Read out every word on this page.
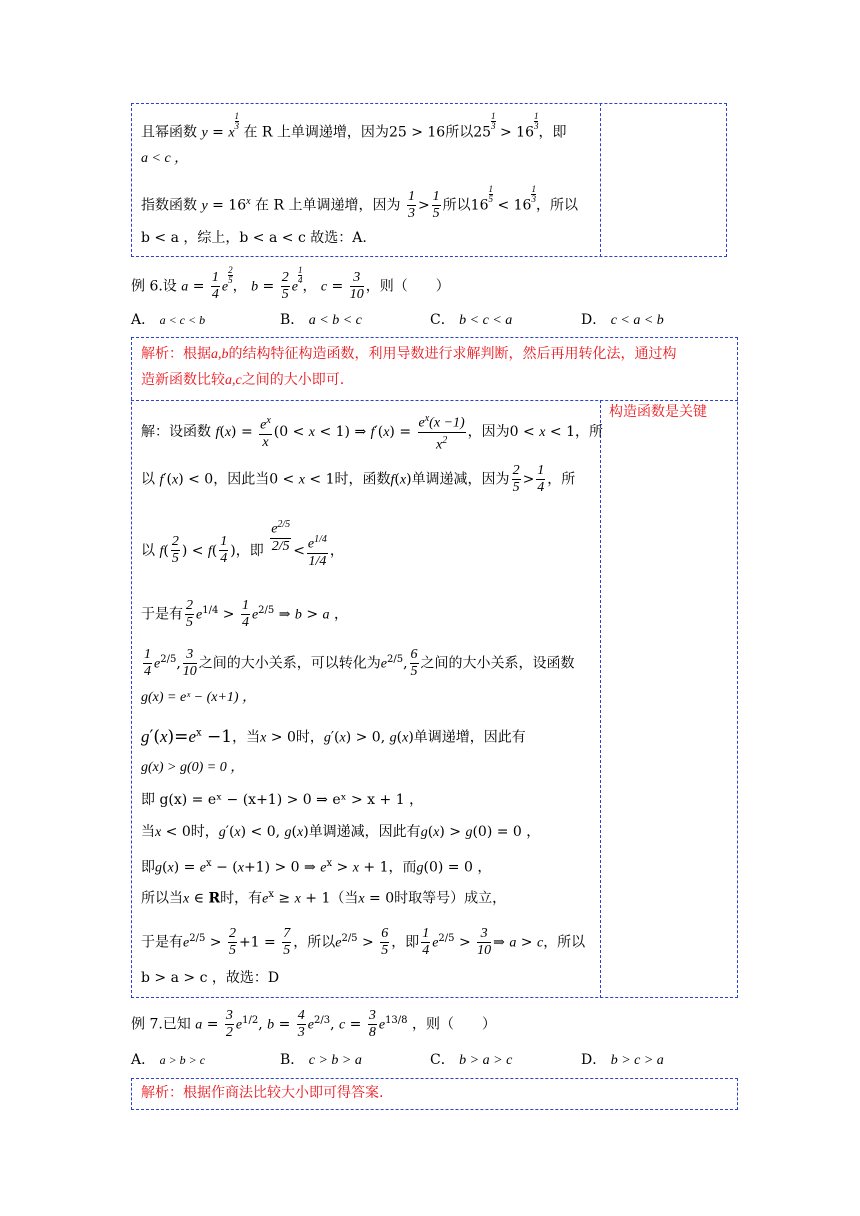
且幂函数 y = x
$^{\frac{1}{3}}$
在 R 上单调递增，因为25 > 16所以25
$^{\frac{1}{3}}$
> 16
$^{\frac{1}{3}}$
，即
a < c ，
指数函数 $y = 16^x$ 在 R 上单调递增，因为 $\frac{1}{3} > \frac{1}{5}$ 所以16
$^{\frac{1}{5}}$
< 16
$^{\frac{1}{3}}$
，所以
b < a ，综上，b < a < c 故选：A.
例 6.设 $a = \frac{1}{4}$ e
$^{\frac{2}{5}}$
， $b = \frac{2}{5}$ e
$^{\frac{1}{4}}$
， $c = \frac{3}{10}$ ，则（　　）
A． a < c < b	B． a < b < c	C． b < c < a	D． c < a < b
解析：根据a,b的结构特征构造函数，利用导数进行求解判断，然后再用转化法，通过构
造新函数比较a,c之间的大小即可.
构造函数是关键
解：设函数 $f(x) = \frac{e^x}{x} (0 < x < 1)$ ⇒ $f'(x) = \frac{e^x(x -1)}{x^2}$ ，因为0 < x < 1，所
以 f′(x) < 0，因此当0 < x < 1时，函数f(x)单调递减，因为 $\frac{2}{5} > \frac{1}{4}$ ，所
以 $f( \frac{2}{5}$ ) < $f( \frac{1}{4}$ )，即 $\frac{e^{2/5}}{2/5} < \frac{e^{1/4}}{1/4}$ ，
于是有 $\frac{2}{5} e^{1/4} > \frac{1}{4} e^{2/5}$ ⇒ b > a ，
$\frac{1}{4} e^{2/5}$, $\frac{3}{10}$ 之间的大小关系，可以转化为$e^{2/5}$, $\frac{6}{5}$ 之间的大小关系，设函数
g(x) = eˣ − (x+1) ，
$g'(x)=e^x -1$，当x > 0时，g′(x) > 0, g(x)单调递增，因此有
g(x) > g(0) = 0 ，
即 g(x) = eˣ − (x+1) > 0 ⇒ eˣ > x + 1 ，
当x < 0时，g′(x) < 0, g(x)单调递减，因此有g(x) > g(0) = 0 ，
即$g(x) = e^x - (x+1) > 0$ ⇒ $e^x > x + 1$，而g(0) = 0 ，
所以当x ∈ R时，有$e^x \ge x + 1$（当x = 0时取等号）成立，
于是有$e^{2/5} > \frac{2}{5} +1 = \frac{7}{5}$ ，所以$e^{2/5} > \frac{6}{5}$ ，即 $\frac{1}{4} e^{2/5} > \frac{3}{10}$ ⇒ a > c，所以
b > a > c ，故选：D
例 7.已知 $a = \frac{3}{2} e^{1/2}$, $b = \frac{4}{3} e^{2/3}$, $c = \frac{3}{8} e^{13/8}$ ，则（　　）
A． a > b > c	B． c > b > a	C． b > a > c	D． b > c > a
解析：根据作商法比较大小即可得答案.
